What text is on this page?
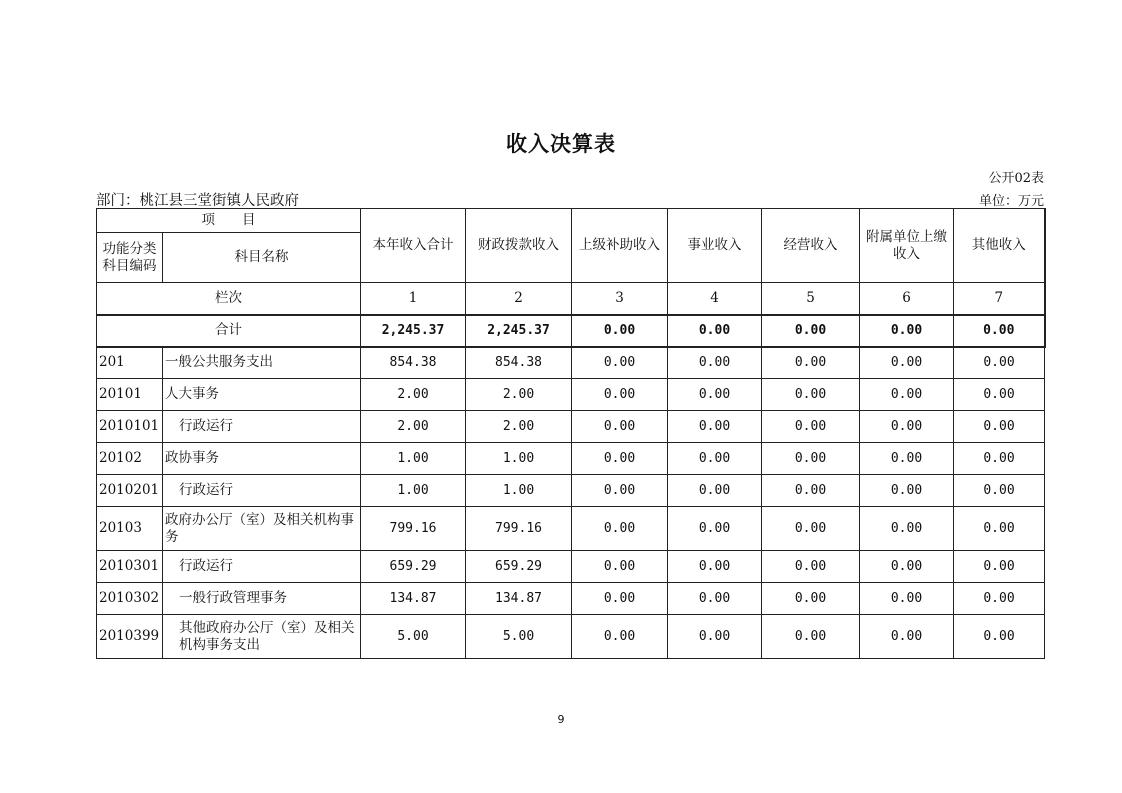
收入决算表
公开02表
部门：桃江县三堂街镇人民政府	单位：万元
项　　目		本年收入合计	财政拨款收入	上级补助收入	事业收入	经营收入	附属单位上缴收入	其他收入
功能分类科目编码	科目名称							
栏次		1	2	3	4	5	6	7
合计		2,245.37	2,245.37	0.00	0.00	0.00	0.00	0.00
201	一般公共服务支出	854.38	854.38	0.00	0.00	0.00	0.00	0.00
20101	人大事务	2.00	2.00	0.00	0.00	0.00	0.00	0.00
2010101	行政运行	2.00	2.00	0.00	0.00	0.00	0.00	0.00
20102	政协事务	1.00	1.00	0.00	0.00	0.00	0.00	0.00
2010201	行政运行	1.00	1.00	0.00	0.00	0.00	0.00	0.00
20103	政府办公厅（室）及相关机构事务	799.16	799.16	0.00	0.00	0.00	0.00	0.00
2010301	行政运行	659.29	659.29	0.00	0.00	0.00	0.00	0.00
2010302	一般行政管理事务	134.87	134.87	0.00	0.00	0.00	0.00	0.00
2010399	其他政府办公厅（室）及相关机构事务支出	5.00	5.00	0.00	0.00	0.00	0.00	0.00
9
